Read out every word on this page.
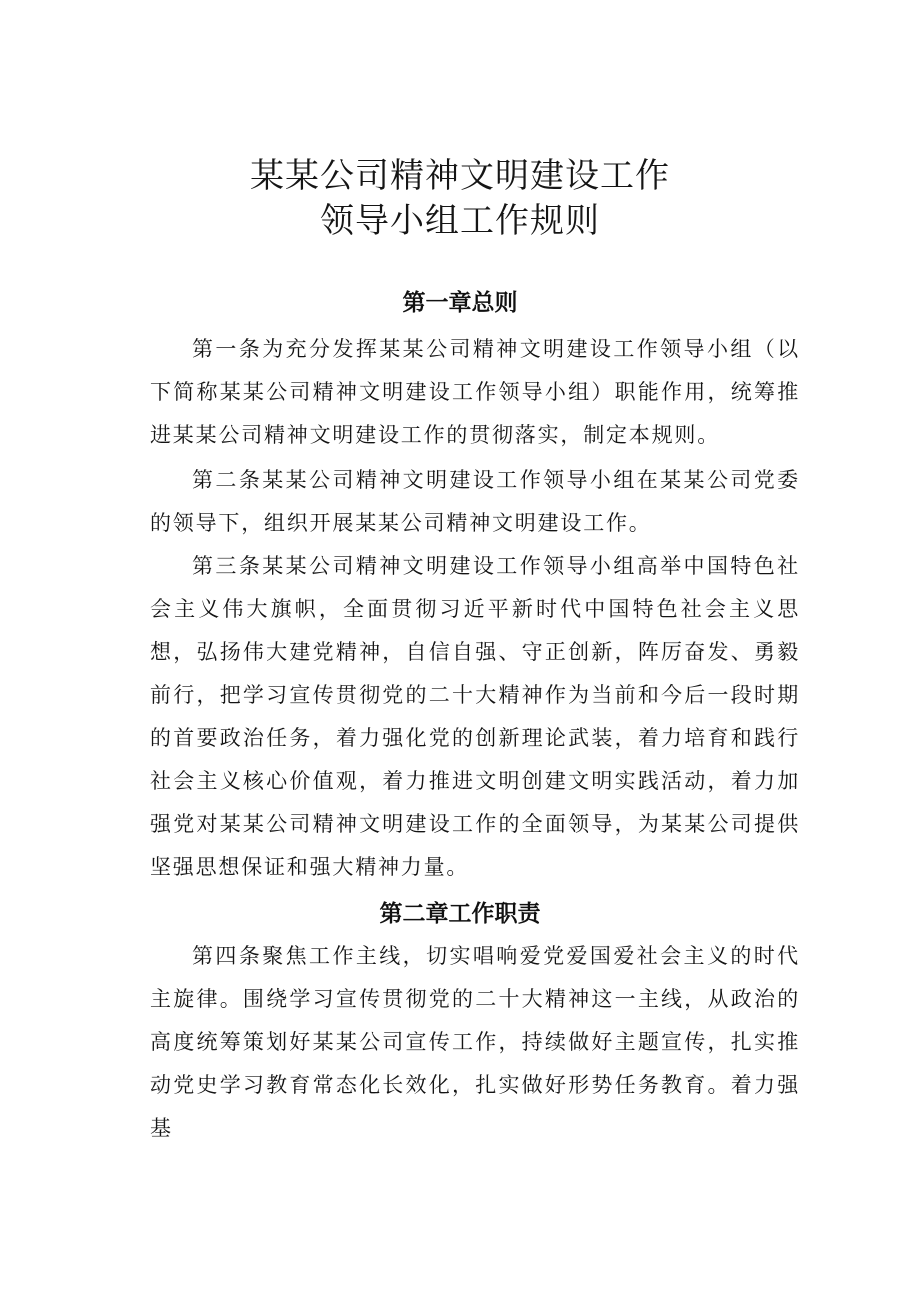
某某公司精神文明建设工作
领导小组工作规则
第一章总则

第一条为充分发挥某某公司精神文明建设工作领导小组（以下简称某某公司精神文明建设工作领导小组）职能作用，统筹推进某某公司精神文明建设工作的贯彻落实，制定本规则。

第二条某某公司精神文明建设工作领导小组在某某公司党委的领导下，组织开展某某公司精神文明建设工作。

第三条某某公司精神文明建设工作领导小组高举中国特色社会主义伟大旗帜，全面贯彻习近平新时代中国特色社会主义思想，弘扬伟大建党精神，自信自强、守正创新，阵厉奋发、勇毅前行，把学习宣传贯彻党的二十大精神作为当前和今后一段时期的首要政治任务，着力强化党的创新理论武装，着力培育和践行社会主义核心价值观，着力推进文明创建文明实践活动，着力加强党对某某公司精神文明建设工作的全面领导，为某某公司提供坚强思想保证和强大精神力量。

第二章工作职责

第四条聚焦工作主线，切实唱响爱党爱国爱社会主义的时代主旋律。围绕学习宣传贯彻党的二十大精神这一主线，从政治的高度统筹策划好某某公司宣传工作，持续做好主题宣传，扎实推动党史学习教育常态化长效化，扎实做好形势任务教育。着力强基
